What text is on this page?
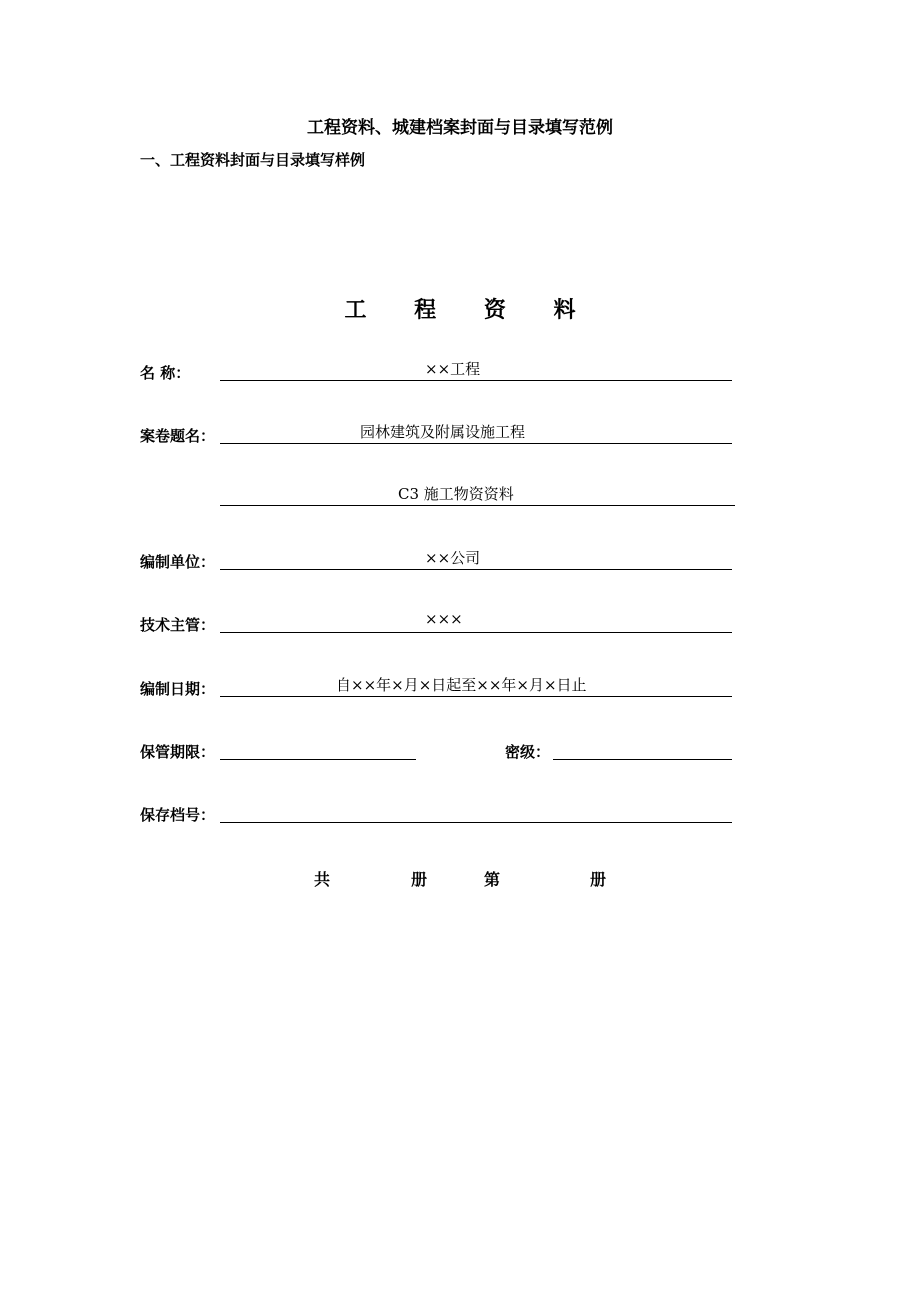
工程资料、城建档案封面与目录填写范例
一、工程资料封面与目录填写样例
工 程 资 料
名 称：	××工程
案卷题名：	园林建筑及附属设施工程
C3 施工物资资料
编制单位：	××公司
技术主管：	×××
编制日期：	自××年×月×日起至××年×月×日止
保管期限：	密级：
保存档号：
共	册	第	册
